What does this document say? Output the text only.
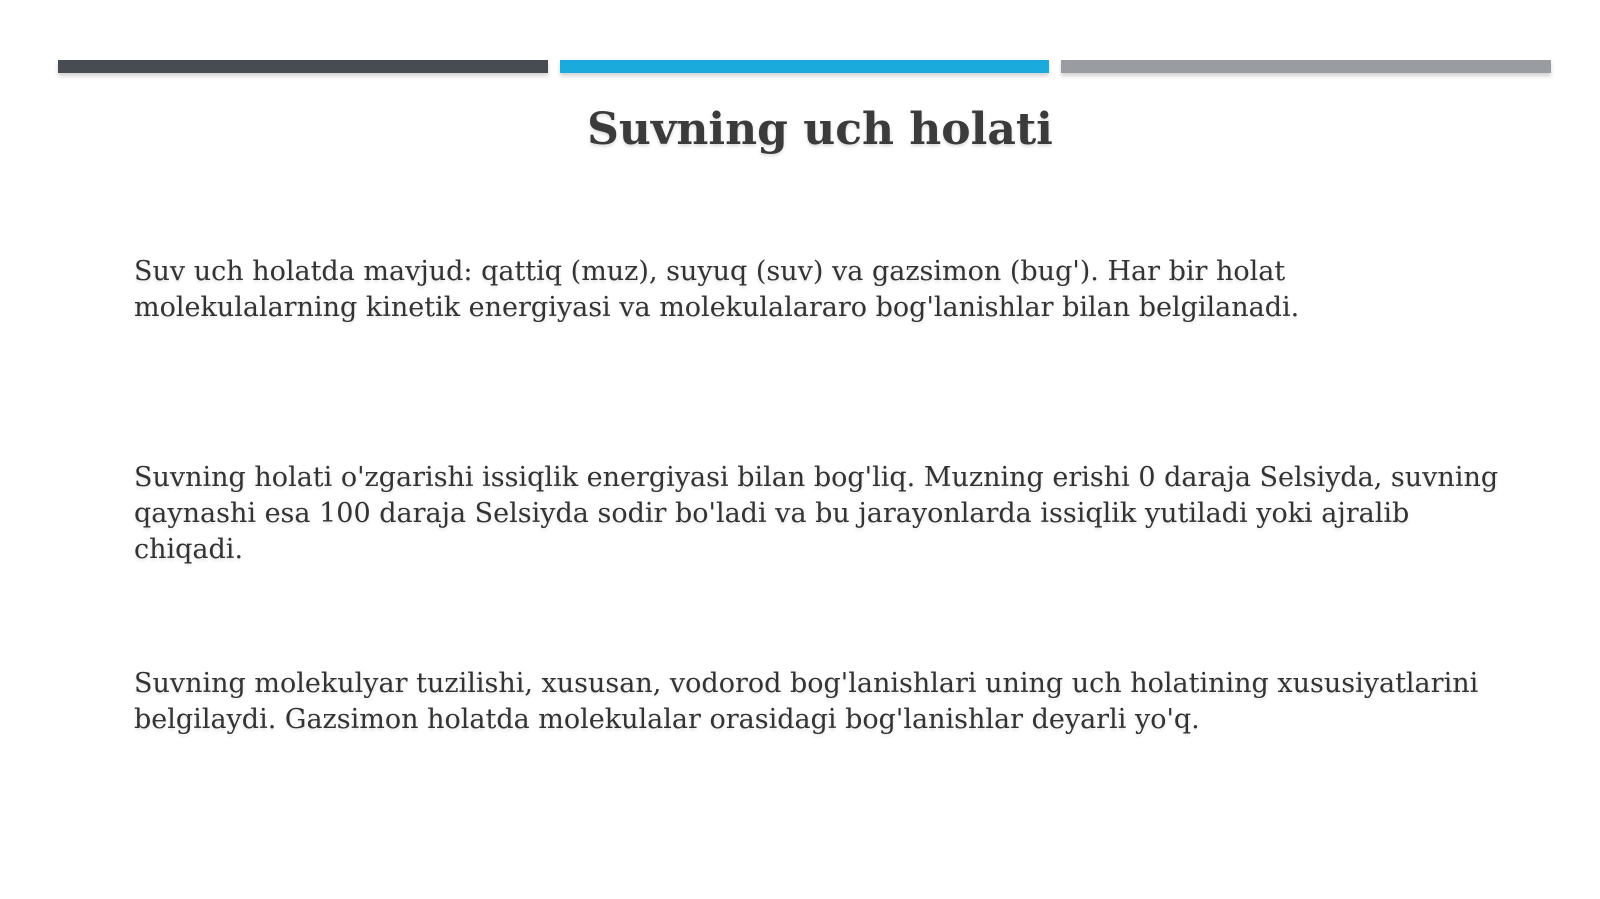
Suvning uch holati

Suv uch holatda mavjud: qattiq (muz), suyuq (suv) va gazsimon (bug'). Har bir holat molekulalarning kinetik energiyasi va molekulalararo bog'lanishlar bilan belgilanadi.

Suvning holati o'zgarishi issiqlik energiyasi bilan bog'liq. Muzning erishi 0 daraja Selsiyda, suvning qaynashi esa 100 daraja Selsiyda sodir bo'ladi va bu jarayonlarda issiqlik yutiladi yoki ajralib chiqadi.

Suvning molekulyar tuzilishi, xususan, vodorod bog'lanishlari uning uch holatining xususiyatlarini belgilaydi. Gazsimon holatda molekulalar orasidagi bog'lanishlar deyarli yo'q.
